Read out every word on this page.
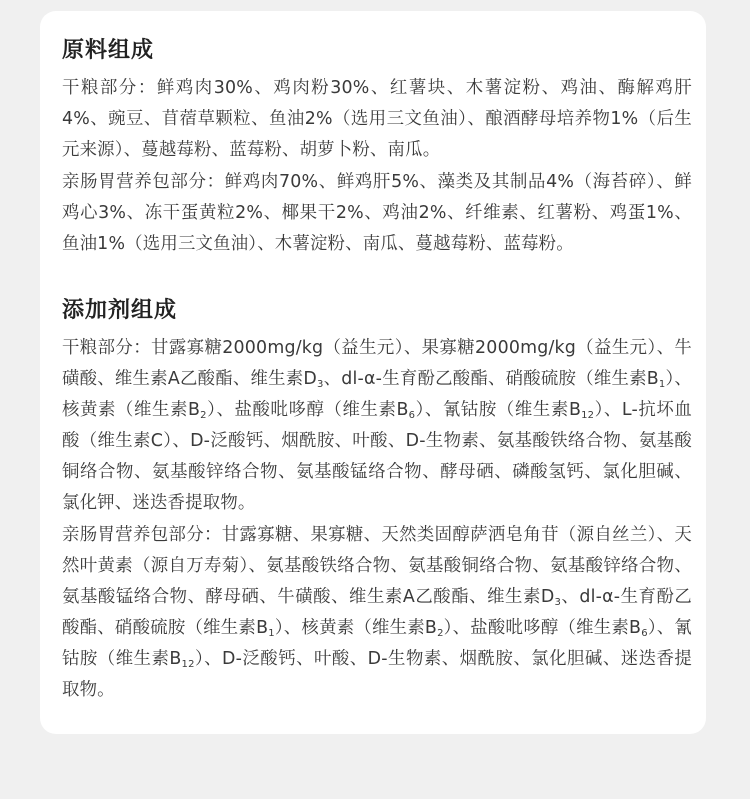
原料组成

干粮部分：鲜鸡肉30%、鸡肉粉30%、红薯块、木薯淀粉、鸡油、酶解鸡肝4%、豌豆、苜蓿草颗粒、鱼油2%（选用三文鱼油）、酿酒酵母培养物1%（后生元来源）、蔓越莓粉、蓝莓粉、胡萝卜粉、南瓜。

亲肠胃营养包部分：鲜鸡肉70%、鲜鸡肝5%、藻类及其制品4%（海苔碎）、鲜鸡心3%、冻干蛋黄粒2%、椰果干2%、鸡油2%、纤维素、红薯粉、鸡蛋1%、鱼油1%（选用三文鱼油）、木薯淀粉、南瓜、蔓越莓粉、蓝莓粉。

添加剂组成

干粮部分：甘露寡糖2000mg/kg（益生元）、果寡糖2000mg/kg（益生元）、牛磺酸、维生素A乙酸酯、维生素$D_3$、dl-α-生育酚乙酸酯、硝酸硫胺（维生素$B_1$）、核黄素（维生素$B_2$）、盐酸吡哆醇（维生素$B_6$）、氰钴胺（维生素$B_{12}$）、L-抗坏血酸（维生素C）、D-泛酸钙、烟酰胺、叶酸、D-生物素、氨基酸铁络合物、氨基酸铜络合物、氨基酸锌络合物、氨基酸锰络合物、酵母硒、磷酸氢钙、氯化胆碱、氯化钾、迷迭香提取物。

亲肠胃营养包部分：甘露寡糖、果寡糖、天然类固醇萨洒皂角苷（源自丝兰）、天然叶黄素（源自万寿菊）、氨基酸铁络合物、氨基酸铜络合物、氨基酸锌络合物、氨基酸锰络合物、酵母硒、牛磺酸、维生素A乙酸酯、维生素$D_3$、dl-α-生育酚乙酸酯、硝酸硫胺（维生素$B_1$）、核黄素（维生素$B_2$）、盐酸吡哆醇（维生素$B_6$）、氰钴胺（维生素$B_{12}$）、D-泛酸钙、叶酸、D-生物素、烟酰胺、氯化胆碱、迷迭香提取物。
